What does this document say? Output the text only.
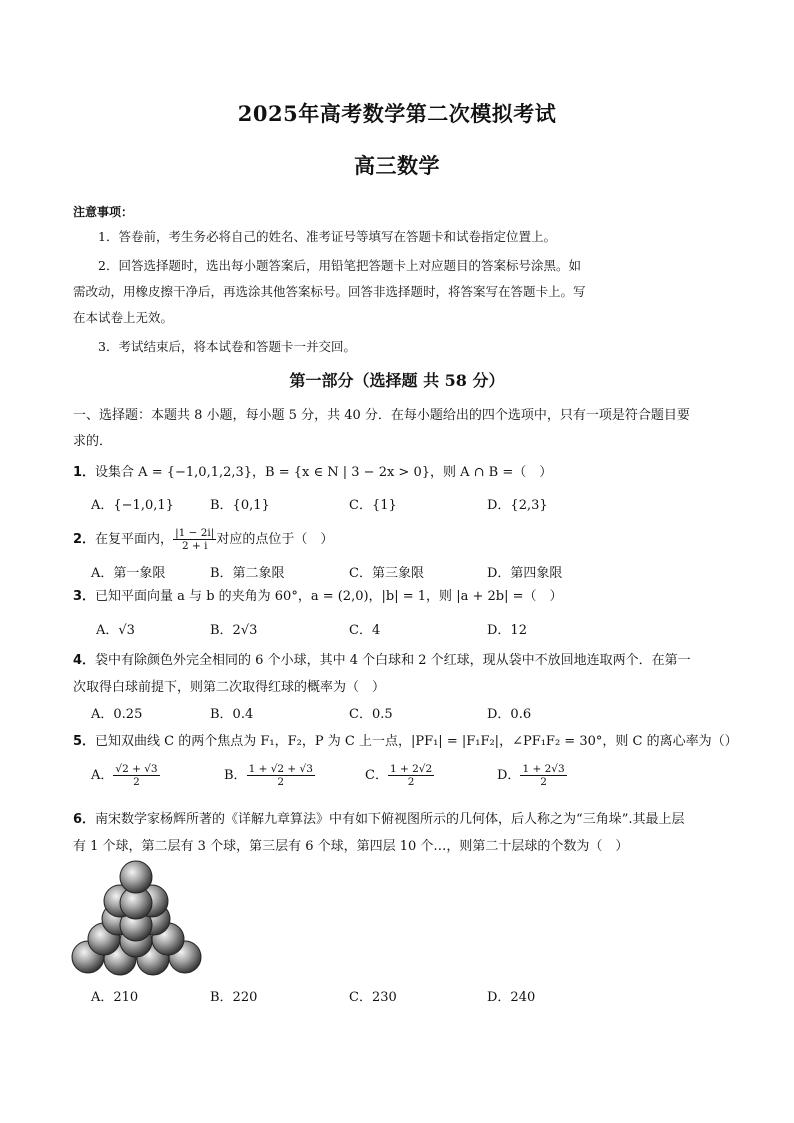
2025年高考数学第二次模拟考试
高三数学
注意事项：
1．答卷前，考生务必将自己的姓名、准考证号等填写在答题卡和试卷指定位置上。
2．回答选择题时，选出每小题答案后，用铅笔把答题卡上对应题目的答案标号涂黑。如
需改动，用橡皮擦干净后，再选涂其他答案标号。回答非选择题时，将答案写在答题卡上。写
在本试卷上无效。
3．考试结束后，将本试卷和答题卡一并交回。
第一部分（选择题 共 58 分）
一、选择题：本题共 8 小题，每小题 5 分，共 40 分．在每小题给出的四个选项中，只有一项是符合题目要
求的．
1．设集合 A = {−1,0,1,2,3}，B = {x ∈ N | 3 − 2x > 0}，则 A ∩ B =（　）
A．{−1,0,1}	B．{0,1}	C．{1}	D．{2,3}
2．在复平面内， $\frac{|1 - 2i|}{2 + i}$ 对应的点位于（　）
A．第一象限	B．第二象限	C．第三象限	D．第四象限
3．已知平面向量 a 与 b 的夹角为 60°，a = (2,0)，|b| = 1，则 |a + 2b| =（　）
A．√3	B．2√3	C．4	D．12
4．袋中有除颜色外完全相同的 6 个小球，其中 4 个白球和 2 个红球，现从袋中不放回地连取两个．在第一
次取得白球前提下，则第二次取得红球的概率为（　）
A．0.25	B．0.4	C．0.5	D．0.6
5．已知双曲线 C 的两个焦点为 F₁，F₂，P 为 C 上一点，|PF₁| = |F₁F₂|，∠PF₁F₂ = 30°，则 C 的离心率为（）
A． $\frac{√2 + √3}{2}$	B． $\frac{1 + √2 + √3}{2}$	C． $\frac{1 + 2√2}{2}$	D． $\frac{1 + 2√3}{2}$
6．南宋数学家杨辉所著的《详解九章算法》中有如下俯视图所示的几何体，后人称之为“三角垛”.其最上层
有 1 个球，第二层有 3 个球，第三层有 6 个球，第四层 10 个…，则第二十层球的个数为（　）
A．210	B．220	C．230	D．240
